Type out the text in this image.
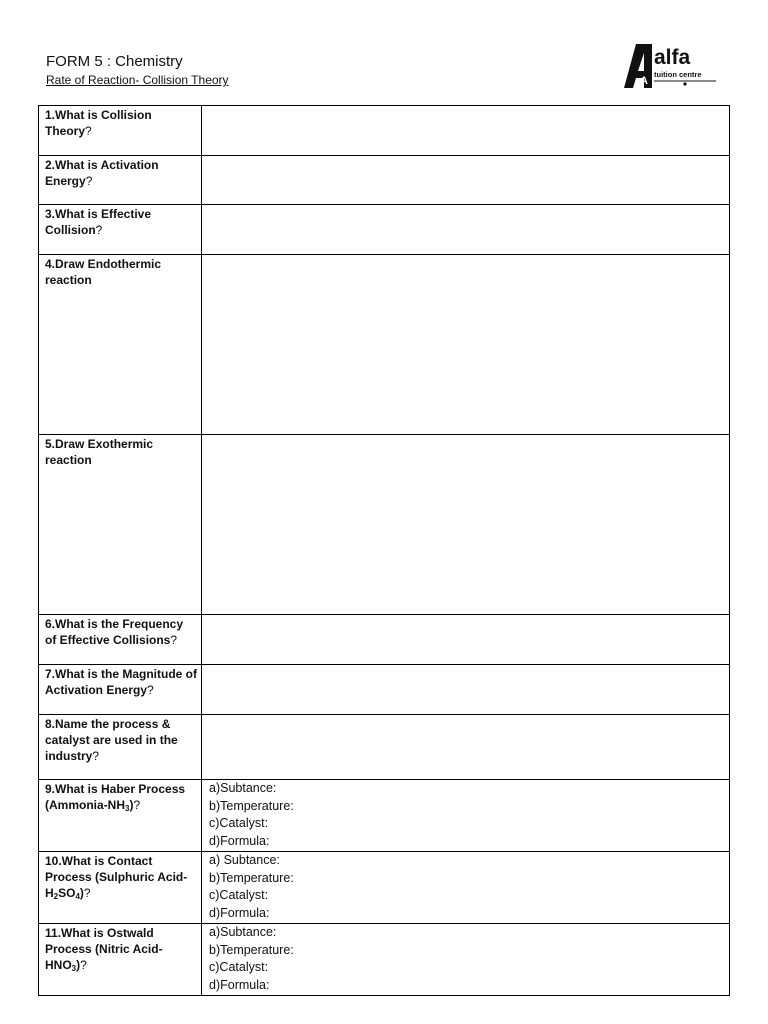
FORM 5 : Chemistry

Rate of Reaction- Collision Theory	A
alfa
tuition centre
1.What is Collision Theory?	
2.What is Activation Energy?	
3.What is Effective Collision?	
4.Draw Endothermic reaction	
5.Draw Exothermic reaction	
6.What is the Frequency of Effective Collisions?	
7.What is the Magnitude of Activation Energy?	
8.Name the process & catalyst are used in the industry?	
9.What is Haber Process $(Ammonia-NH_3)$?	a)Subtance:
b)Temperature:
c)Catalyst:
d)Formula:

10.What is Contact Process (Sulphuric Acid-$H_2SO_4$)?	a) Subtance:
b)Temperature:
c)Catalyst:
d)Formula:

11.What is Ostwald Process (Nitric Acid-$HNO_3$)?	a)Subtance:
b)Temperature:
c)Catalyst:
d)Formula:
